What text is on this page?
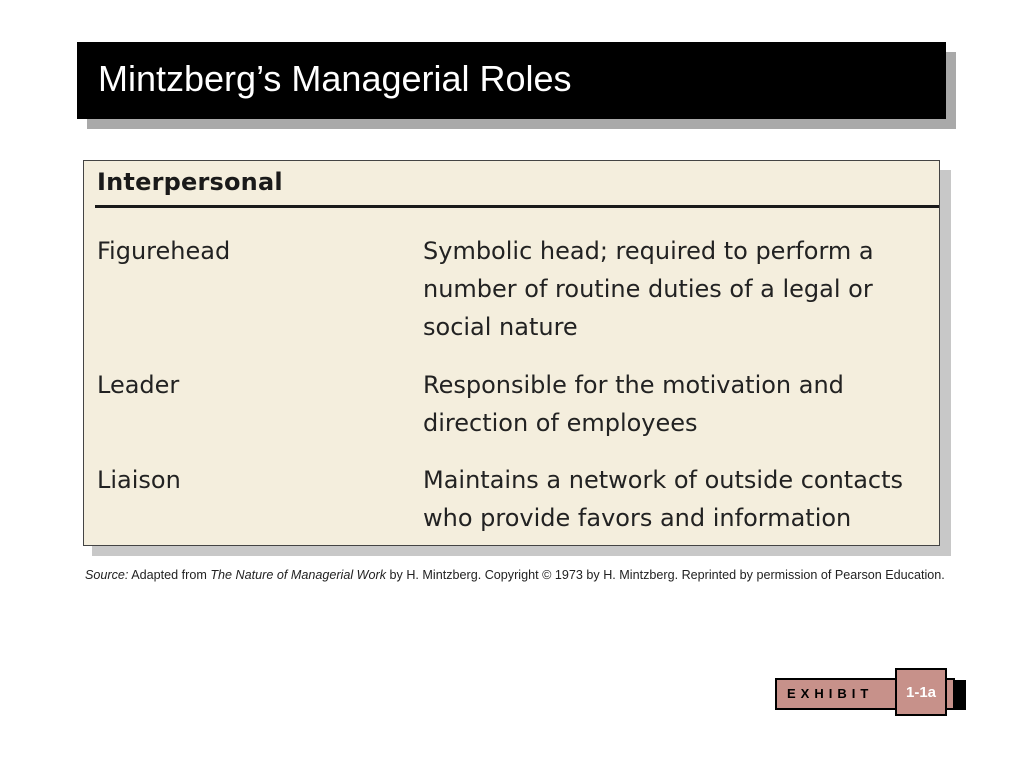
Mintzberg’s Managerial Roles
Interpersonal
Figurehead	Symbolic head; required to perform a number of routine duties of a legal or social nature
Leader	Responsible for the motivation and direction of employees
Liaison	Maintains a network of outside contacts who provide favors and information
Source: Adapted from The Nature of Managerial Work by H. Mintzberg. Copyright © 1973 by H. Mintzberg. Reprinted by permission of Pearson Education.
EXHIBIT 1-1a
